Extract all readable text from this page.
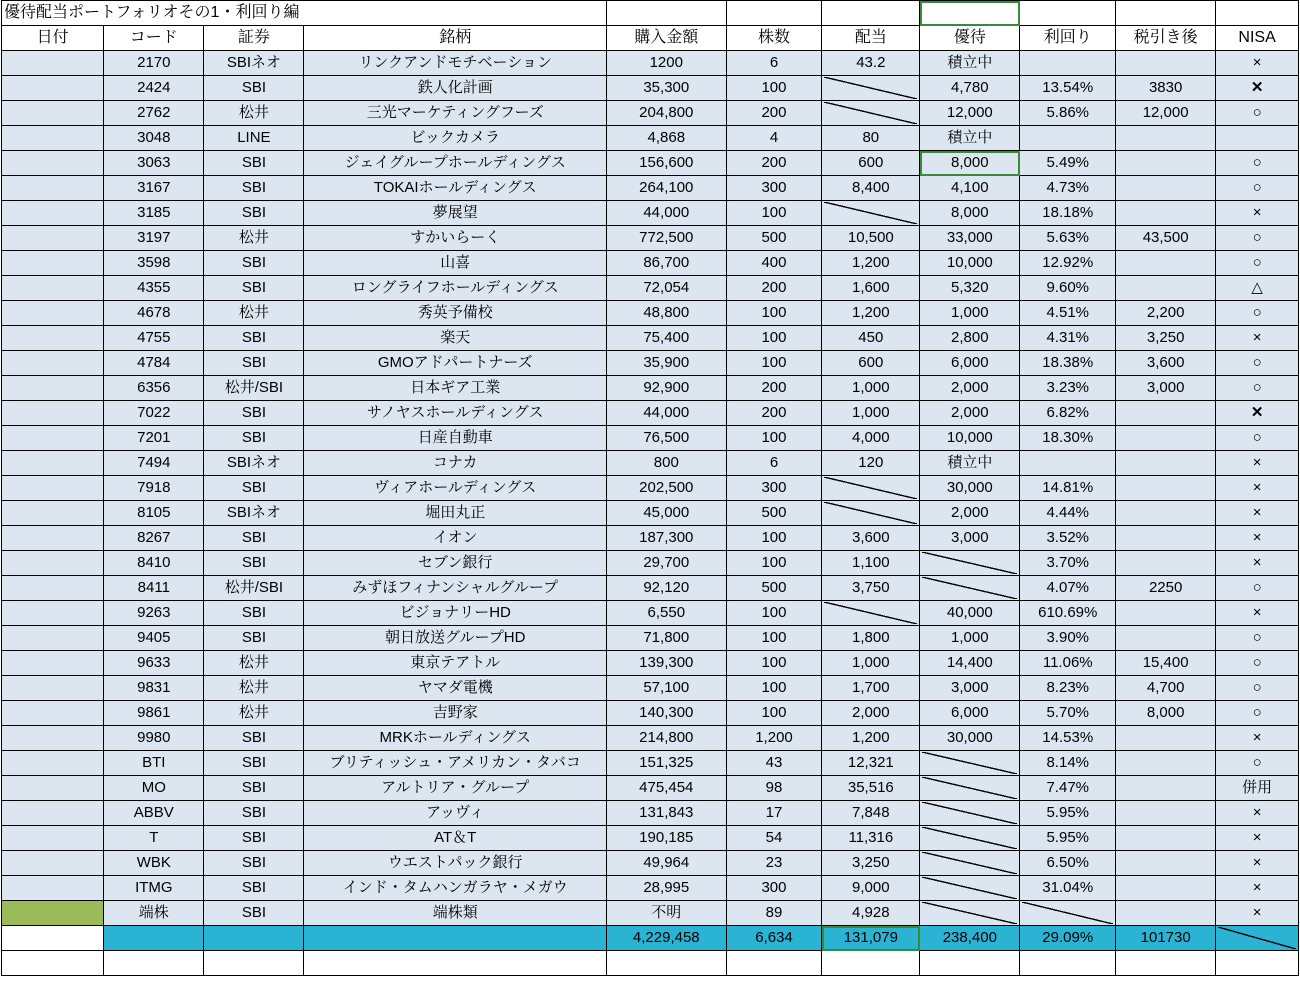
優待配当ポートフォリオその1・利回り編										
日付	コード	証券	銘柄	購入金額	株数	配当	優待	利回り	税引き後	NISA
	2170	SBIネオ	リンクアンドモチベーション	1200	6	43.2	積立中			×
	2424	SBI	鉄人化計画	35,300	100		4,780	13.54%	3830	✕
	2762	松井	三光マーケティングフーズ	204,800	200		12,000	5.86%	12,000	○
	3048	LINE	ビックカメラ	4,868	4	80	積立中			
	3063	SBI	ジェイグループホールディングス	156,600	200	600	8,000	5.49%		○
	3167	SBI	TOKAIホールディングス	264,100	300	8,400	4,100	4.73%		○
	3185	SBI	夢展望	44,000	100		8,000	18.18%		×
	3197	松井	すかいらーく	772,500	500	10,500	33,000	5.63%	43,500	○
	3598	SBI	山喜	86,700	400	1,200	10,000	12.92%		○
	4355	SBI	ロングライフホールディングス	72,054	200	1,600	5,320	9.60%		△
	4678	松井	秀英予備校	48,800	100	1,200	1,000	4.51%	2,200	○
	4755	SBI	楽天	75,400	100	450	2,800	4.31%	3,250	×
	4784	SBI	GMOアドパートナーズ	35,900	100	600	6,000	18.38%	3,600	○
	6356	松井/SBI	日本ギア工業	92,900	200	1,000	2,000	3.23%	3,000	○
	7022	SBI	サノヤスホールディングス	44,000	200	1,000	2,000	6.82%		✕
	7201	SBI	日産自動車	76,500	100	4,000	10,000	18.30%		○
	7494	SBIネオ	コナカ	800	6	120	積立中			×
	7918	SBI	ヴィアホールディングス	202,500	300		30,000	14.81%		×
	8105	SBIネオ	堀田丸正	45,000	500		2,000	4.44%		×
	8267	SBI	イオン	187,300	100	3,600	3,000	3.52%		×
	8410	SBI	セブン銀行	29,700	100	1,100		3.70%		×
	8411	松井/SBI	みずほフィナンシャルグループ	92,120	500	3,750		4.07%	2250	○
	9263	SBI	ビジョナリーHD	6,550	100		40,000	610.69%		×
	9405	SBI	朝日放送グループHD	71,800	100	1,800	1,000	3.90%		○
	9633	松井	東京テアトル	139,300	100	1,000	14,400	11.06%	15,400	○
	9831	松井	ヤマダ電機	57,100	100	1,700	3,000	8.23%	4,700	○
	9861	松井	吉野家	140,300	100	2,000	6,000	5.70%	8,000	○
	9980	SBI	MRKホールディングス	214,800	1,200	1,200	30,000	14.53%		×
	BTI	SBI	ブリティッシュ・アメリカン・タバコ	151,325	43	12,321		8.14%		○
	MO	SBI	アルトリア・グループ	475,454	98	35,516		7.47%		併用
	ABBV	SBI	アッヴィ	131,843	17	7,848		5.95%		×
	T	SBI	AT＆T	190,185	54	11,316		5.95%		×
	WBK	SBI	ウエストパック銀行	49,964	23	3,250		6.50%		×
	ITMG	SBI	インド・タムハンガラヤ・メガウ	28,995	300	9,000		31.04%		×
	端株	SBI	端株類	不明	89	4,928				×
				4,229,458	6,634	131,079	238,400	29.09%	101730	
